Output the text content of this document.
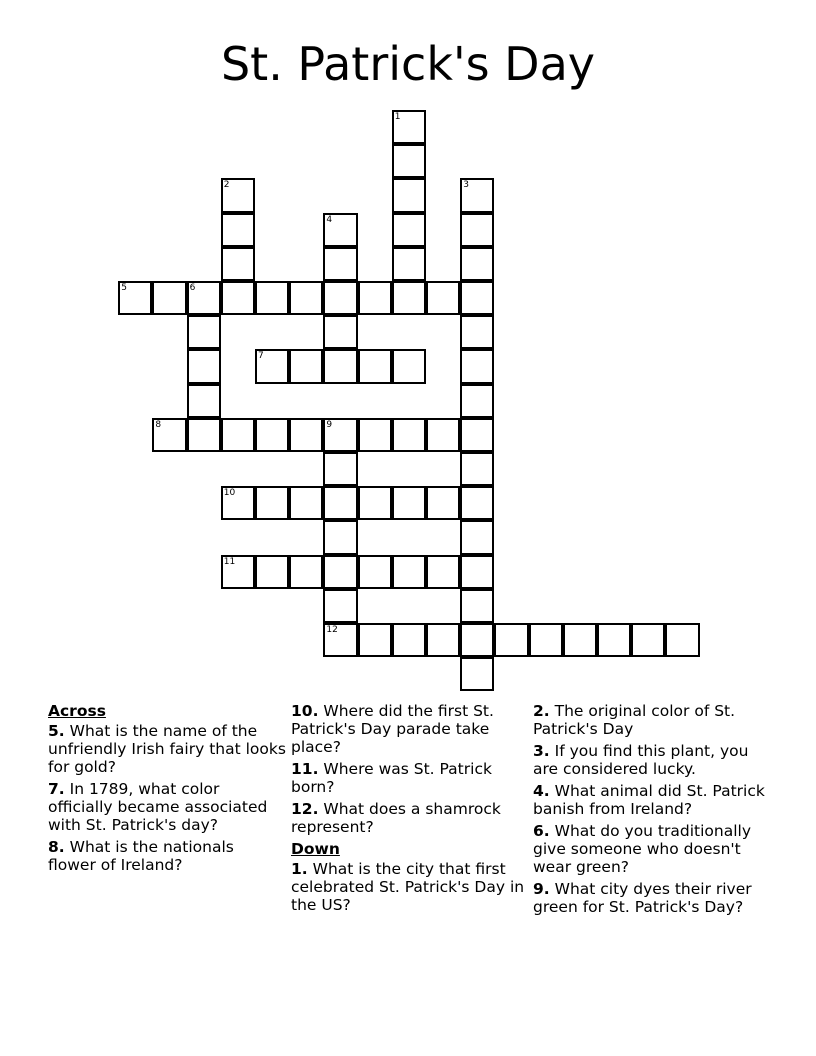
St. Patrick's Day
1
2	3
4
5	6
7
8	9
12
10
11
Across
5. What is the name of the unfriendly Irish fairy that looks for gold?
7. In 1789, what color officially became associated with St. Patrick's day?
8. What is the nationals flower of Ireland?
10. Where did the first St. Patrick's Day parade take place?
11. Where was St. Patrick born?
12. What does a shamrock represent?
Down
1. What is the city that first celebrated St. Patrick's Day in the US?
2. The original color of St. Patrick's Day
3. If you find this plant, you are considered lucky.
4. What animal did St. Patrick banish from Ireland?
6. What do you traditionally give someone who doesn't wear green?
9. What city dyes their river green for St. Patrick's Day?
